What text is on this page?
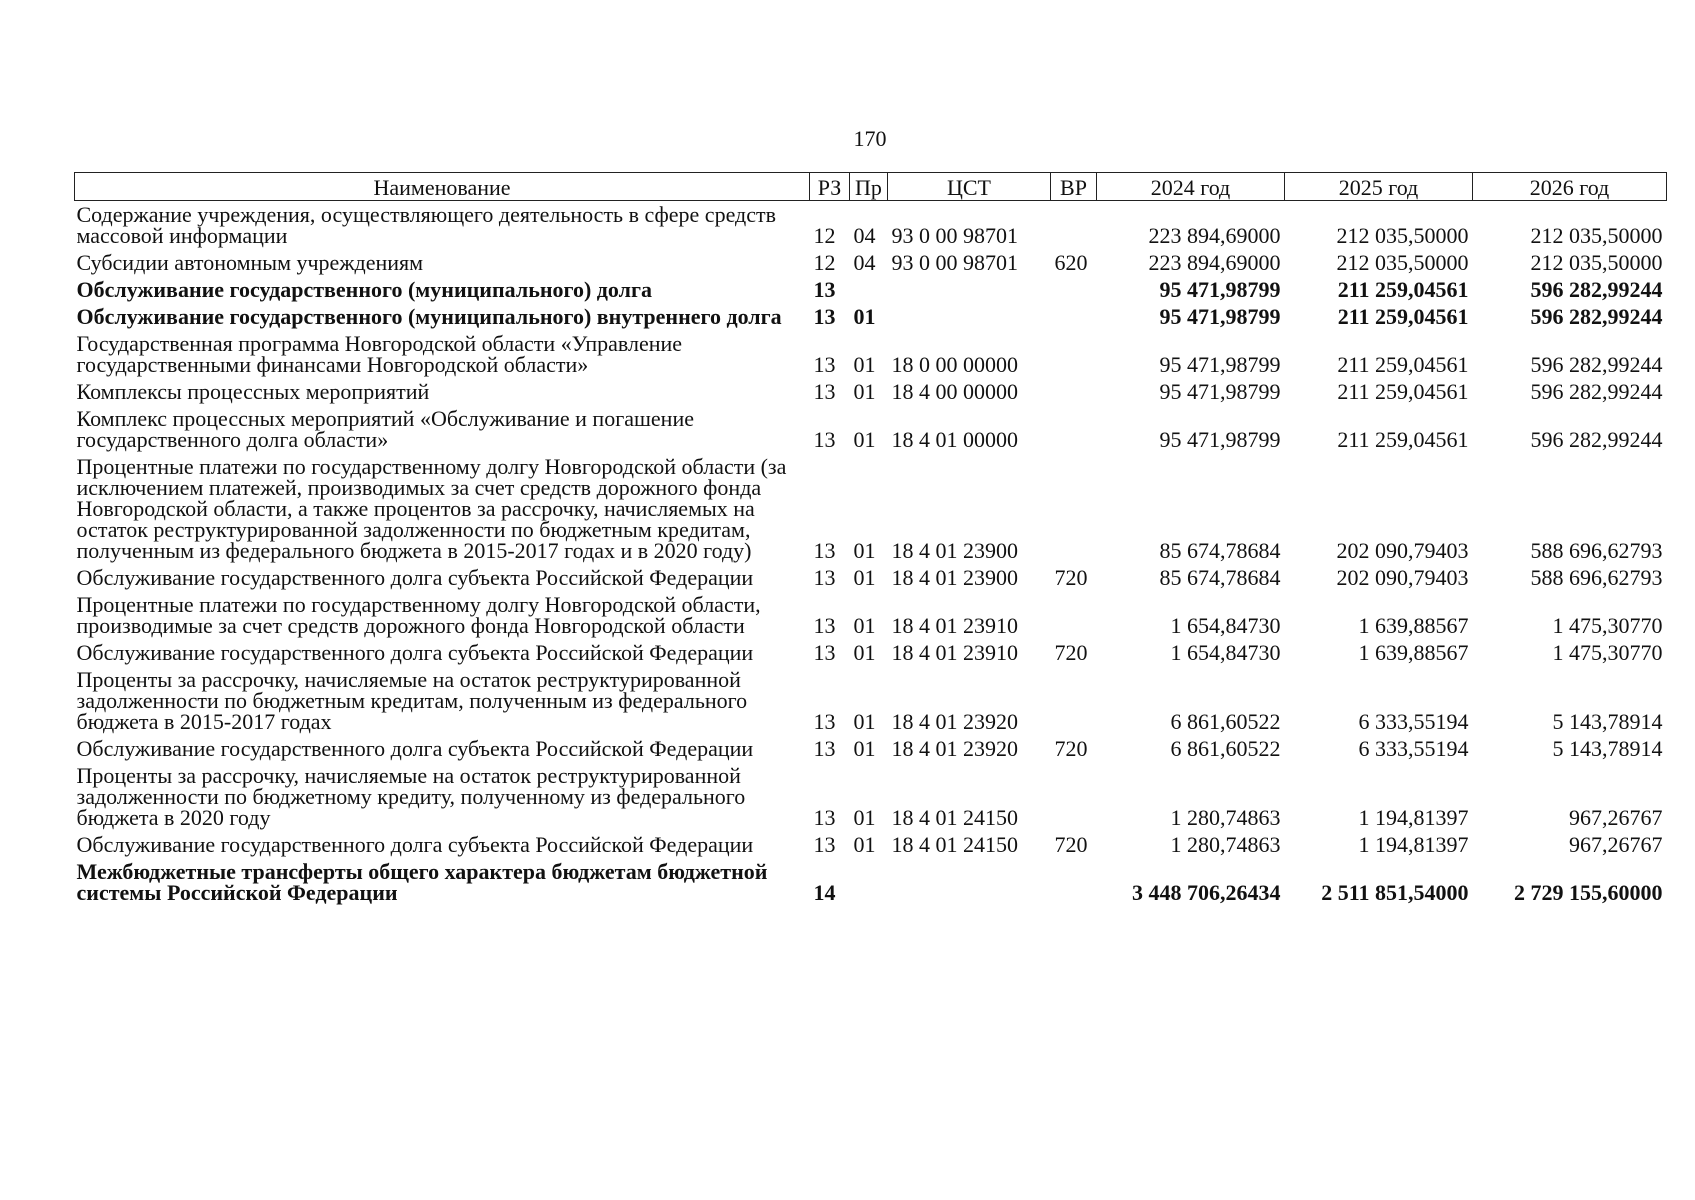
170
Наименование	РЗ	Пр	ЦСТ	ВР	2024 год	2025 год	2026 год
Содержание учреждения, осуществляющего деятельность в сфере средств массовой информации	12	04	93 0 00 98701		223 894,69000	212 035,50000	212 035,50000
Субсидии автономным учреждениям	12	04	93 0 00 98701	620	223 894,69000	212 035,50000	212 035,50000
Обслуживание государственного (муниципального) долга	13				95 471,98799	211 259,04561	596 282,99244
Обслуживание государственного (муниципального) внутреннего долга	13	01			95 471,98799	211 259,04561	596 282,99244
Государственная программа Новгородской области «Управление государственными финансами Новгородской области»	13	01	18 0 00 00000		95 471,98799	211 259,04561	596 282,99244
Комплексы процессных мероприятий	13	01	18 4 00 00000		95 471,98799	211 259,04561	596 282,99244
Комплекс процессных мероприятий «Обслуживание и погашение государственного долга области»	13	01	18 4 01 00000		95 471,98799	211 259,04561	596 282,99244
Процентные платежи по государственному долгу Новгородской области (за исключением платежей, производимых за счет средств дорожного фонда Новгородской области, а также процентов за рассрочку, начисляемых на остаток реструктурированной задолженности по бюджетным кредитам, полученным из федерального бюджета в 2015-2017 годах и в 2020 году)	13	01	18 4 01 23900		85 674,78684	202 090,79403	588 696,62793
Обслуживание государственного долга субъекта Российской Федерации	13	01	18 4 01 23900	720	85 674,78684	202 090,79403	588 696,62793
Процентные платежи по государственному долгу Новгородской области, производимые за счет средств дорожного фонда Новгородской области	13	01	18 4 01 23910		1 654,84730	1 639,88567	1 475,30770
Обслуживание государственного долга субъекта Российской Федерации	13	01	18 4 01 23910	720	1 654,84730	1 639,88567	1 475,30770
Проценты за рассрочку, начисляемые на остаток реструктурированной задолженности по бюджетным кредитам, полученным из федерального бюджета в 2015-2017 годах	13	01	18 4 01 23920		6 861,60522	6 333,55194	5 143,78914
Обслуживание государственного долга субъекта Российской Федерации	13	01	18 4 01 23920	720	6 861,60522	6 333,55194	5 143,78914
Проценты за рассрочку, начисляемые на остаток реструктурированной задолженности по бюджетному кредиту, полученному из федерального бюджета в 2020 году	13	01	18 4 01 24150		1 280,74863	1 194,81397	967,26767
Обслуживание государственного долга субъекта Российской Федерации	13	01	18 4 01 24150	720	1 280,74863	1 194,81397	967,26767
Межбюджетные трансферты общего характера бюджетам бюджетной системы Российской Федерации	14				3 448 706,26434	2 511 851,54000	2 729 155,60000
